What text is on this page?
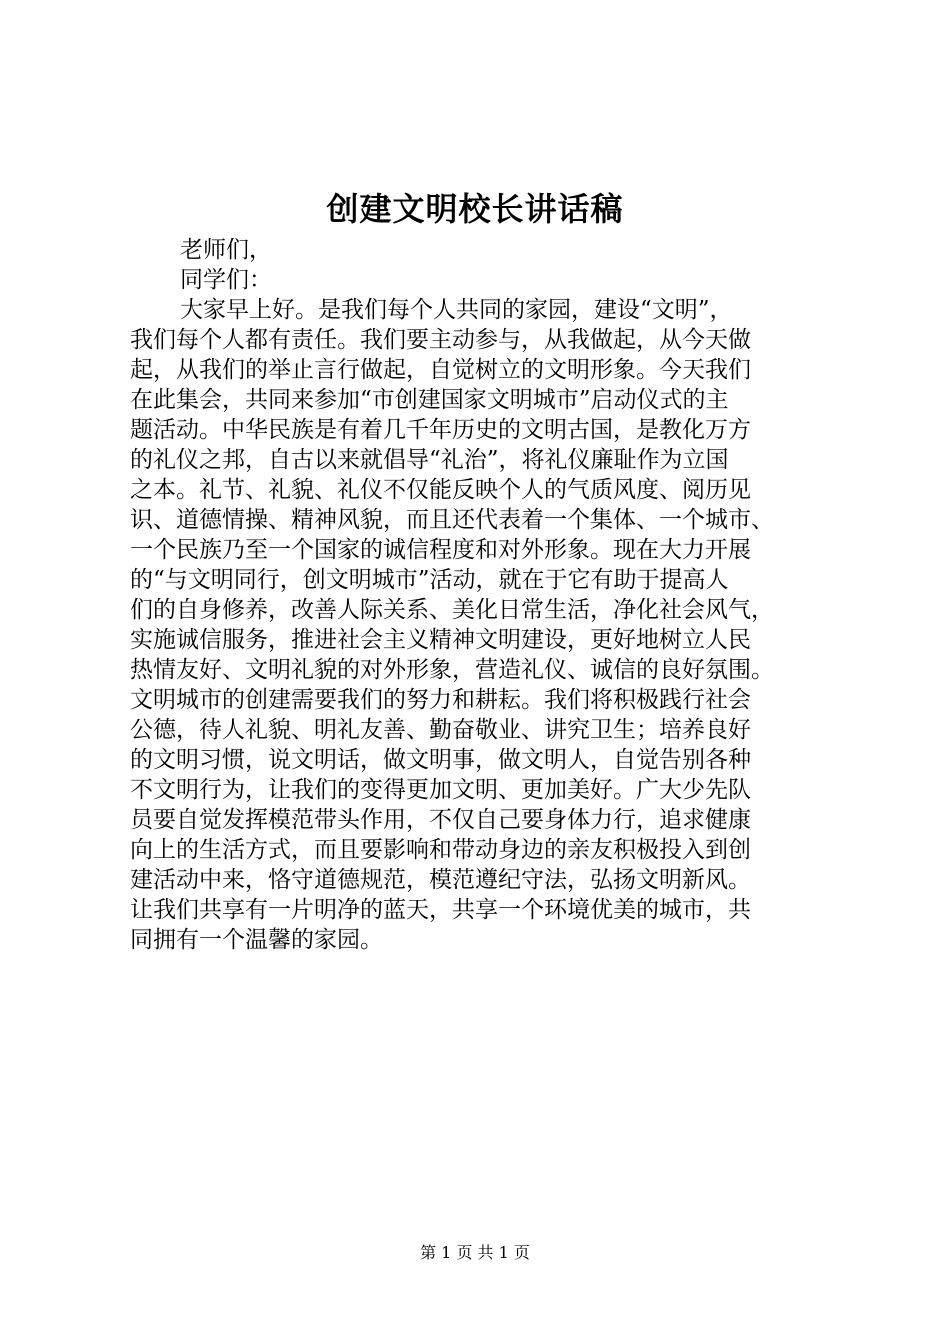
创建文明校长讲话稿
老师们，
同学们：
大家早上好。是我们每个人共同的家园，建设“文明”，
我们每个人都有责任。我们要主动参与，从我做起，从今天做
起，从我们的举止言行做起，自觉树立的文明形象。今天我们
在此集会，共同来参加“市创建国家文明城市”启动仪式的主
题活动。中华民族是有着几千年历史的文明古国，是教化万方
的礼仪之邦，自古以来就倡导“礼治”，将礼仪廉耻作为立国
之本。礼节、礼貌、礼仪不仅能反映个人的气质风度、阅历见
识、道德情操、精神风貌，而且还代表着一个集体、一个城市、
一个民族乃至一个国家的诚信程度和对外形象。现在大力开展
的“与文明同行，创文明城市”活动，就在于它有助于提高人
们的自身修养，改善人际关系、美化日常生活，净化社会风气，
实施诚信服务，推进社会主义精神文明建设，更好地树立人民
热情友好、文明礼貌的对外形象，营造礼仪、诚信的良好氛围。
文明城市的创建需要我们的努力和耕耘。我们将积极践行社会
公德，待人礼貌、明礼友善、勤奋敬业、讲究卫生；培养良好
的文明习惯，说文明话，做文明事，做文明人，自觉告别各种
不文明行为，让我们的变得更加文明、更加美好。广大少先队
员要自觉发挥模范带头作用，不仅自己要身体力行，追求健康
向上的生活方式，而且要影响和带动身边的亲友积极投入到创
建活动中来，恪守道德规范，模范遵纪守法，弘扬文明新风。
让我们共享有一片明净的蓝天，共享一个环境优美的城市，共
同拥有一个温馨的家园。
第 1 页 共 1 页
